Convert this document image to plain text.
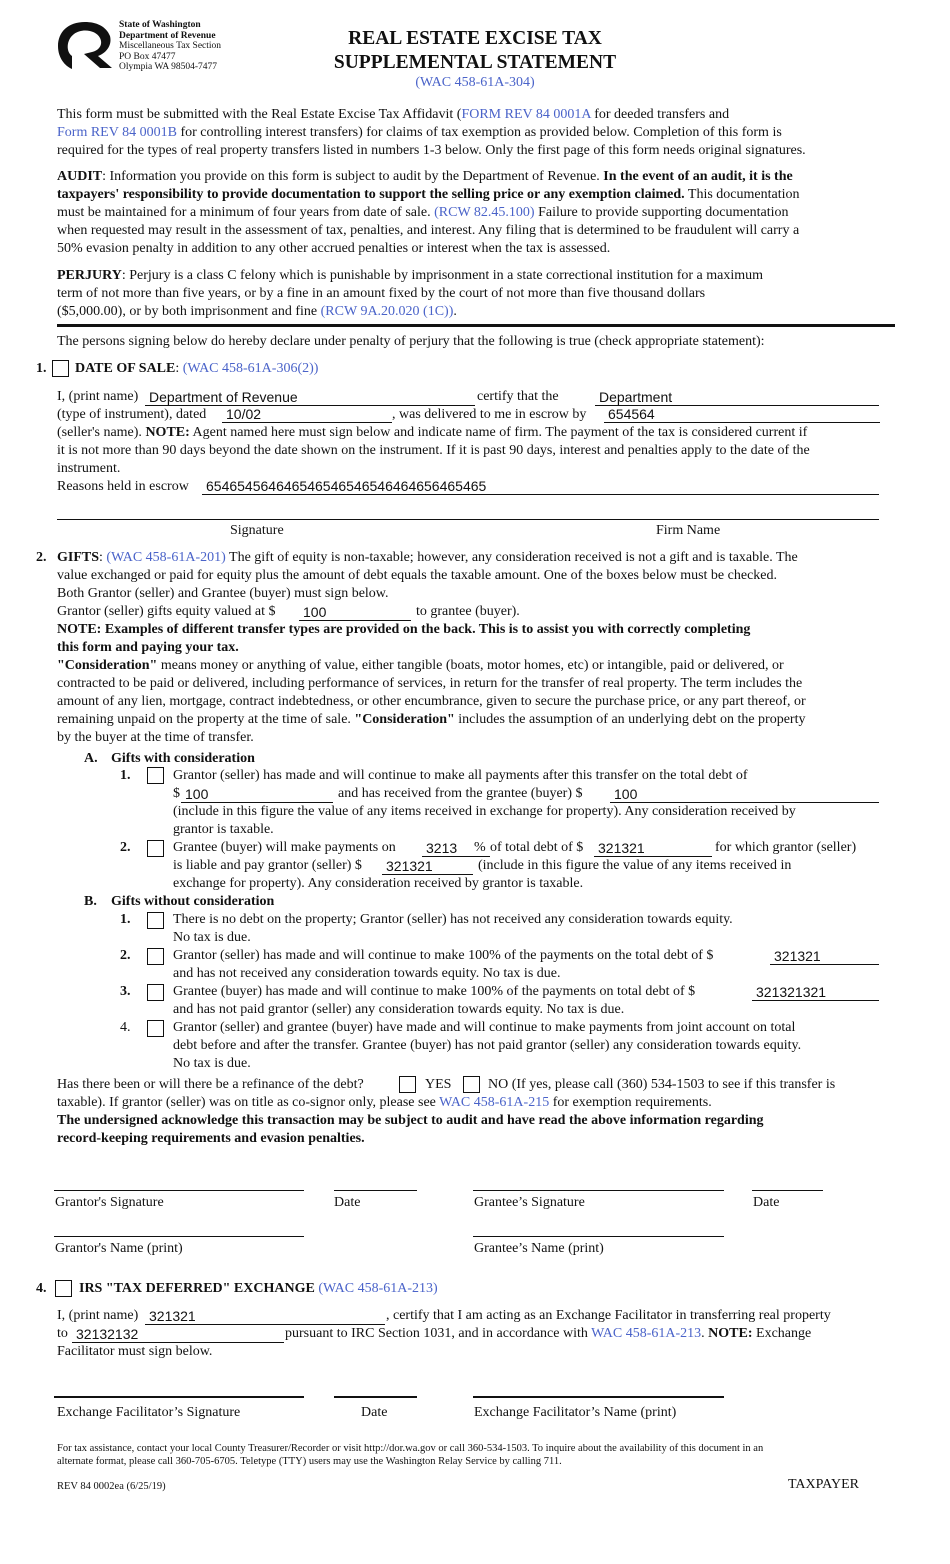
State of Washington
Department of Revenue
Miscellaneous Tax Section
PO Box 47477
Olympia WA 98504-7477
REAL ESTATE EXCISE TAX
SUPPLEMENTAL STATEMENT
(WAC 458-61A-304)
This form must be submitted with the Real Estate Excise Tax Affidavit (FORM REV 84 0001A for deeded transfers and
Form REV 84 0001B for controlling interest transfers) for claims of tax exemption as provided below. Completion of this form is
required for the types of real property transfers listed in numbers 1-3 below. Only the first page of this form needs original signatures.
AUDIT: Information you provide on this form is subject to audit by the Department of Revenue. In the event of an audit, it is the
taxpayers' responsibility to provide documentation to support the selling price or any exemption claimed. This documentation
must be maintained for a minimum of four years from date of sale. (RCW 82.45.100) Failure to provide supporting documentation
when requested may result in the assessment of tax, penalties, and interest. Any filing that is determined to be fraudulent will carry a
50% evasion penalty in addition to any other accrued penalties or interest when the tax is assessed.
PERJURY: Perjury is a class C felony which is punishable by imprisonment in a state correctional institution for a maximum
term of not more than five years, or by a fine in an amount fixed by the court of not more than five thousand dollars
($5,000.00), or by both imprisonment and fine (RCW 9A.20.020 (1C)).
The persons signing below do hereby declare under penalty of perjury that the following is true (check appropriate statement):
1. DATE OF SALE: (WAC 458-61A-306(2))
I, (print name) Department of Revenue	certify that the	Department
(type of instrument), dated 10/02	, was delivered to me in escrow by 654564
(seller's name). NOTE: Agent named here must sign below and indicate name of firm. The payment of the tax is considered current if
it is not more than 90 days beyond the date shown on the instrument. If it is past 90 days, interest and penalties apply to the date of the
instrument.
Reasons held in escrow 654654564646546546546546464656465465
Signature	Firm Name
2. GIFTS: (WAC 458-61A-201) The gift of equity is non-taxable; however, any consideration received is not a gift and is taxable. The
value exchanged or paid for equity plus the amount of debt equals the taxable amount. One of the boxes below must be checked.
Both Grantor (seller) and Grantee (buyer) must sign below.
Grantor (seller) gifts equity valued at $ 100	to grantee (buyer).
NOTE: Examples of different transfer types are provided on the back. This is to assist you with correctly completing
this form and paying your tax.
"Consideration" means money or anything of value, either tangible (boats, motor homes, etc) or intangible, paid or delivered, or
contracted to be paid or delivered, including performance of services, in return for the transfer of real property. The term includes the
amount of any lien, mortgage, contract indebtedness, or other encumbrance, given to secure the purchase price, or any part thereof, or
remaining unpaid on the property at the time of sale. "Consideration" includes the assumption of an underlying debt on the property
by the buyer at the time of transfer.
A. Gifts with consideration
1.	Grantor (seller) has made and will continue to make all payments after this transfer on the total debt of
$ 100	and has received from the grantee (buyer) $ 100
(include in this figure the value of any items received in exchange for property). Any consideration received by
grantor is taxable.
2.	Grantee (buyer) will make payments on 3213	% of total debt of $ 321321	for which grantor (seller)
is liable and pay grantor (seller) $ 321321	(include in this figure the value of any items received in
exchange for property). Any consideration received by grantor is taxable.
B. Gifts without consideration
1.	There is no debt on the property; Grantor (seller) has not received any consideration towards equity.
No tax is due.
2.	Grantor (seller) has made and will continue to make 100% of the payments on the total debt of $	321321
and has not received any consideration towards equity. No tax is due.
3.	Grantee (buyer) has made and will continue to make 100% of the payments on total debt of $	321321321
and has not paid grantor (seller) any consideration towards equity. No tax is due.
4.	Grantor (seller) and grantee (buyer) have made and will continue to make payments from joint account on total
debt before and after the transfer. Grantee (buyer) has not paid grantor (seller) any consideration towards equity.
No tax is due.
Has there been or will there be a refinance of the debt?	YES	NO (If yes, please call (360) 534-1503 to see if this transfer is
taxable). If grantor (seller) was on title as co-signor only, please see WAC 458-61A-215 for exemption requirements.
The undersigned acknowledge this transaction may be subject to audit and have read the above information regarding
record-keeping requirements and evasion penalties.
Grantor's Signature	Date	Grantee’s Signature	Date
Grantor's Name (print)	Grantee’s Name (print)
4. IRS "TAX DEFERRED" EXCHANGE (WAC 458-61A-213)
I, (print name) 321321	, certify that I am acting as an Exchange Facilitator in transferring real property
to 32132132	pursuant to IRC Section 1031, and in accordance with WAC 458-61A-213. NOTE: Exchange
Facilitator must sign below.
Exchange Facilitator’s Signature	Date	Exchange Facilitator’s Name (print)
For tax assistance, contact your local County Treasurer/Recorder or visit http://dor.wa.gov or call 360-534-1503. To inquire about the availability of this document in an
alternate format, please call 360-705-6705. Teletype (TTY) users may use the Washington Relay Service by calling 711.
REV 84 0002ea (6/25/19)	TAXPAYER
